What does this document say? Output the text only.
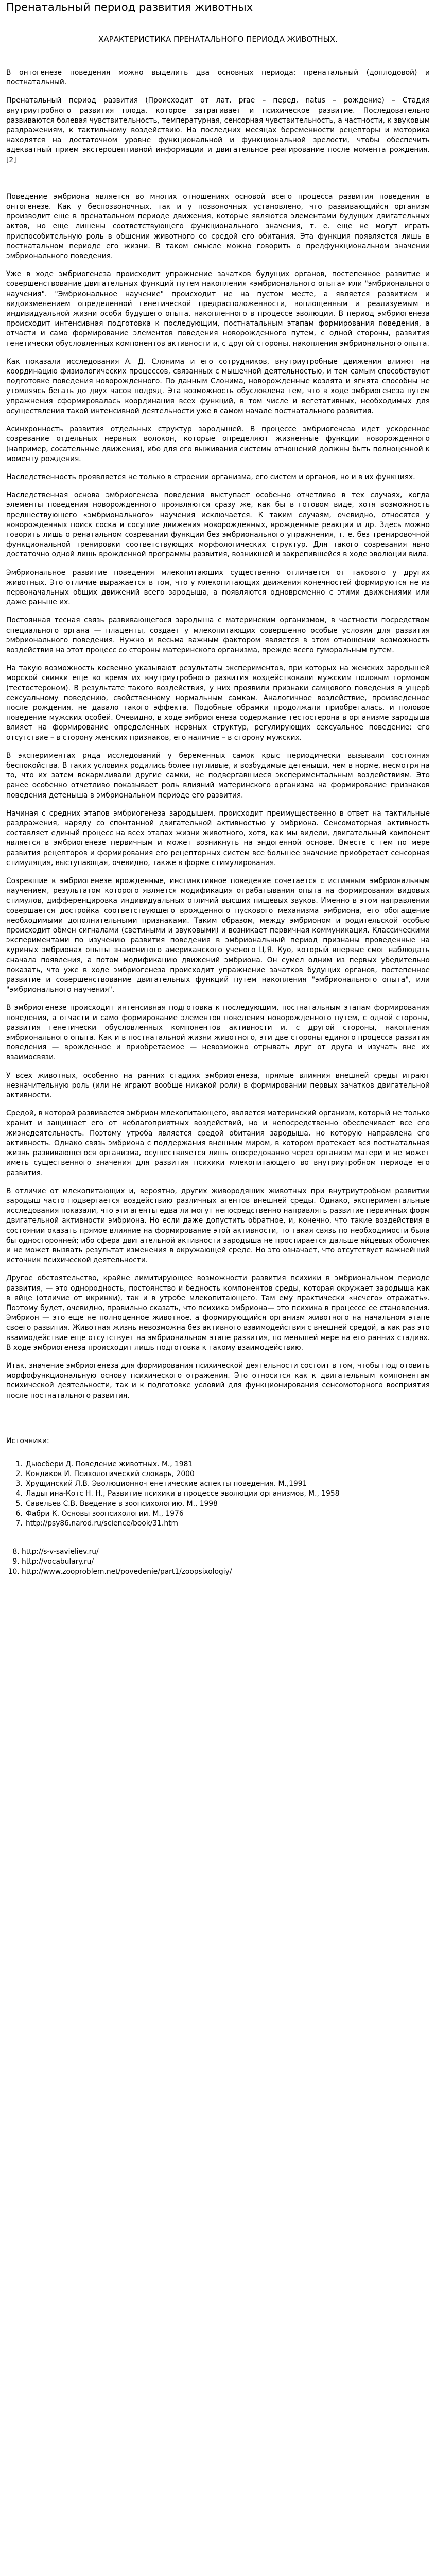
Пренатальный период развития животных
ХАРАКТЕРИСТИКА ПРЕНАТАЛЬНОГО ПЕРИОДА ЖИВОТНЫХ.

В онтогенезе поведения можно выделить два основных периода: пренатальный (доплодовой) и постнатальный.

Пренатальный период развития (Происходит от лат. prae – перед, natus – рождение) – Стадия внутриутробного развития плода, которое затрагивает и психическое развитие. Последовательно развиваются болевая чувствительность, температурная, сенсорная чувствительность, а частности, к звуковым раздражениям, к тактильному воздействию. На последних месяцах беременности рецепторы и моторика находятся на достаточном уровне функциональной и функциональной зрелости, чтобы обеспечить адекватный прием экстероцептивной информации и двигательное реагирование после момента рождения. [2]

Поведение эмбриона является во многих отношениях основой всего процесса развития поведения в онтогенезе. Как у беспозвоночных, так и у позвоночных установлено, что развивающийся организм производит еще в пренатальном периоде движения, которые являются элементами будущих двигательных актов, но еще лишены соответствующего функционального значения, т. е. еще не могут играть приспособительную роль в общении животного со средой его обитания. Эта функция появляется лишь в постнатальном периоде его жизни. В таком смысле можно говорить о предфункциональном значении эмбрионального поведения.

Уже в ходе эмбриогенеза происходит упражнение зачатков будущих органов, постепенное развитие и совершенствование двигательных функций путем накопления «эмбрионального опыта» или "эмбрионального научения". "Эмбриональное научение" происходит не на пустом месте, а является развитием и видоизменением определенной генетической предрасположенности, воплощенным и реализуемым в индивидуальной жизни особи будущего опыта, накопленного в процессе эволюции. В период эмбриогенеза происходит интенсивная подготовка к последующим, постнатальным этапам формирования поведения, а отчасти и само формирование элементов поведения новорожденного путем, с одной стороны, развития генетически обусловленных компонентов активности и, с другой стороны, накопления эмбрионального опыта.

Как показали исследования А. Д. Слонима и его сотрудников, внутриутробные движения влияют на координацию физиологических процессов, связанных с мышечной деятельностью, и тем самым способствуют подготовке поведения новорожденного. По данным Слонима, новорожденные козлята и ягнята способны не утомляясь бегать до двух часов подряд. Эта возможность обусловлена тем, что в ходе эмбриогенеза путем упражнения сформировалась координация всех функций, в том числе и вегетативных, необходимых для осуществления такой интенсивной деятельности уже в самом начале постнатального развития.

Асинхронность развития отдельных структур зародышей. В процессе эмбриогенеза идет ускоренное созревание отдельных нервных волокон, которые определяют жизненные функции новорожденного (например, сосательные движения), ибо для его выживания системы отношений должны быть полноценной к моменту рождения.

Наследственность проявляется не только в строении организма, его систем и органов, но и в их функциях.

Наследственная основа эмбриогенеза поведения выступает особенно отчетливо в тех случаях, когда элементы поведения новорожденного проявляются сразу же, как бы в готовом виде, хотя возможность предшествующего «эмбрионального» научения исключается. К таким случаям, очевидно, относятся у новорожденных поиск соска и сосущие движения новорожденных, врожденные реакции и др. Здесь можно говорить лишь о ренатальном созревании функции без эмбрионального упражнения, т. е. без тренировочной функциональной тренировки соответствующих морфологических структур. Для такого созревания явно достаточно одной лишь врожденной программы развития, возникшей и закрепившейся в ходе эволюции вида.

Эмбриональное развитие поведения млекопитающих существенно отличается от такового у других животных. Это отличие выражается в том, что у млекопитающих движения конечностей формируются не из первоначальных общих движений всего зародыша, а появляются одновременно с этими движениями или даже раньше их.

Постоянная тесная связь развивающегося зародыша с материнским организмом, в частности посредством специального органа — плаценты, создает у млекопитающих совершенно особые условия для развития эмбрионального поведения. Нужно и весьма важным фактором является в этом отношении возможность воздействия на этот процесс со стороны материнского организма, прежде всего гуморальным путем.

На такую возможность косвенно указывают результаты экспериментов, при которых на женских зародышей морской свинки еще во время их внутриутробного развития воздействовали мужским половым гормоном (тестостероном). В результате такого воздействия, у них проявили признаки самцового поведения в ущерб сексуальному поведению, свойственному нормальным самкам. Аналогичное воздействие, произведенное после рождения, не давало такого эффекта. Подобные обрамки продолжали приобреталась, и половое поведение мужских особей. Очевидно, в ходе эмбриогенеза содержание тестостерона в организме зародыша влияет на формирование определенных нервных структур, регулирующих сексуальное поведение: его отсутствие – в сторону женских признаков, его наличие – в сторону мужских.

В экспериментах ряда исследований у беременных самок крыс периодически вызывали состояния беспокойства. В таких условиях родились более пугливые, и возбудимые детеныши, чем в норме, несмотря на то, что их затем вскармливали другие самки, не подвергавшиеся экспериментальным воздействиям. Это ранее особенно отчетливо показывает роль влияний материнского организма на формирование признаков поведения детеныша в эмбриональном периоде его развития.

Начиная с средних этапов эмбриогенеза зародышем, происходит преимущественно в ответ на тактильные раздражения, наряду со спонтанной двигательной активностью у эмбриона. Сенсомоторная активность составляет единый процесс на всех этапах жизни животного, хотя, как мы видели, двигательный компонент является в эмбриогенезе первичным и может возникнуть на эндогенной основе. Вместе с тем по мере развития рецепторов и формирования его рецепторных систем все большее значение приобретает сенсорная стимуляция, выступающая, очевидно, также в форме стимулирования.

Созревшие в эмбриогенезе врожденные, инстинктивное поведение сочетается с истинным эмбриональным научением, результатом которого является модификация отрабатывания опыта на формирования видовых стимулов, дифференцировка индивидуальных отличий высших пищевых звуков. Именно в этом направлении совершается достройка соответствующего врожденного пускового механизма эмбриона, его обогащение необходимыми дополнительными признаками. Таким образом, между эмбрионом и родительской особью происходит обмен сигналами (светиными и звуковыми) и возникает первичная коммуникация. Классическими экспериментами по изучению развития поведения в эмбриональный период признаны проведенные на куриных эмбрионах опыты знаменитого американского ученого Ц.Я. Куо, который впервые смог наблюдать сначала появления, а потом модификацию движений эмбриона. Он сумел одним из первых убедительно показать, что уже в ходе эмбриогенеза происходит упражнение зачатков будущих органов, постепенное развитие и совершенствование двигательных функций путем накопления "эмбрионального опыта", или "эмбрионального научения".

В эмбриогенезе происходит интенсивная подготовка к последующим, постнатальным этапам формирования поведения, а отчасти и само формирование элементов поведения новорожденного путем, с одной стороны, развития генетически обусловленных компонентов активности и, с другой стороны, накопления эмбрионального опыта. Как и в постнатальной жизни животного, эти две стороны единого процесса развития поведения — врожденное и приобретаемое — невозможно отрывать друг от друга и изучать вне их взаимосвязи.

У всех животных, особенно на ранних стадиях эмбриогенеза, прямые влияния внешней среды играют незначительную роль (или не играют вообще никакой роли) в формировании первых зачатков двигательной активности.

Средой, в которой развивается эмбрион млекопитающего, является материнский организм, который не только хранит и защищает его от неблагоприятных воздействий, но и непосредственно обеспечивает все его жизнедеятельность. Поэтому утроба является средой обитания зародыша, но которую направлена его активность. Однако связь эмбриона с поддержания внешним миром, в котором протекает вся постнатальная жизнь развивающегося организма, осуществляется лишь опосредованно через организм матери и не может иметь существенного значения для развития психики млекопитающего во внутриутробном периоде его развития.

В отличие от млекопитающих и, вероятно, других живородящих животных при внутриутробном развитии зародыш часто подвергается воздействию различных агентов внешней среды. Однако, экспериментальные исследования показали, что эти агенты едва ли могут непосредственно направлять развитие первичных форм двигательной активности эмбриона. Но если даже допустить обратное, и, конечно, что такие воздействия в состоянии оказать прямое влияние на формирование этой активности, то такая связь по необходимости была бы односторонней; ибо сфера двигательной активности зародыша не простирается дальше яйцевых оболочек и не может вызвать результат изменения в окружающей среде. Но это означает, что отсутствует важнейший источник психической деятельности.

Другое обстоятельство, крайне лимитирующее возможности развития психики в эмбриональном периоде развития, — это однородность, постоянство и бедность компонентов среды, которая окружает зародыша как в яйце (отличие от икринки), так и в утробе млекопитающего. Там ему практически «нечего» отражать». Поэтому будет, очевидно, правильно сказать, что психика эмбриона— это психика в процессе ее становления. Эмбрион — это еще не полноценное животное, а формирующийся организм животного на начальном этапе своего развития. Животная жизнь невозможна без активного взаимодействия с внешней средой, а как раз это взаимодействие еще отсутствует на эмбриональном этапе развития, по меньшей мере на его ранних стадиях. В ходе эмбриогенеза происходит лишь подготовка к такому взаимодействию.

Итак, значение эмбриогенеза для формирования психической деятельности состоит в том, чтобы подготовить морфофункциональную основу психического отражения. Это относится как к двигательным компонентам психической деятельности, так и к подготовке условий для функционирования сенсомоторного восприятия после постнатального развития.

Источники:
1. Дьюсбери Д. Поведение животных. М., 1981
2. Кондаков И. Психологический словарь, 2000
3. Хрущинский Л.В. Эволюционно-генетические аспекты поведения. М.,1991
4. Ладыгина-Котс Н. Н., Развитие психики в процессе эволюции организмов, М., 1958
5. Савельев С.В. Введение в зоопсихологию. М., 1998
6. Фабри К. Основы зоопсихологии. М., 1976
7. http://psy86.narod.ru/science/book/31.htm
8. http://s-v-savieliev.ru/
9. http://vocabulary.ru/
10. http://www.zooproblem.net/povedenie/part1/zoopsixologiy/
